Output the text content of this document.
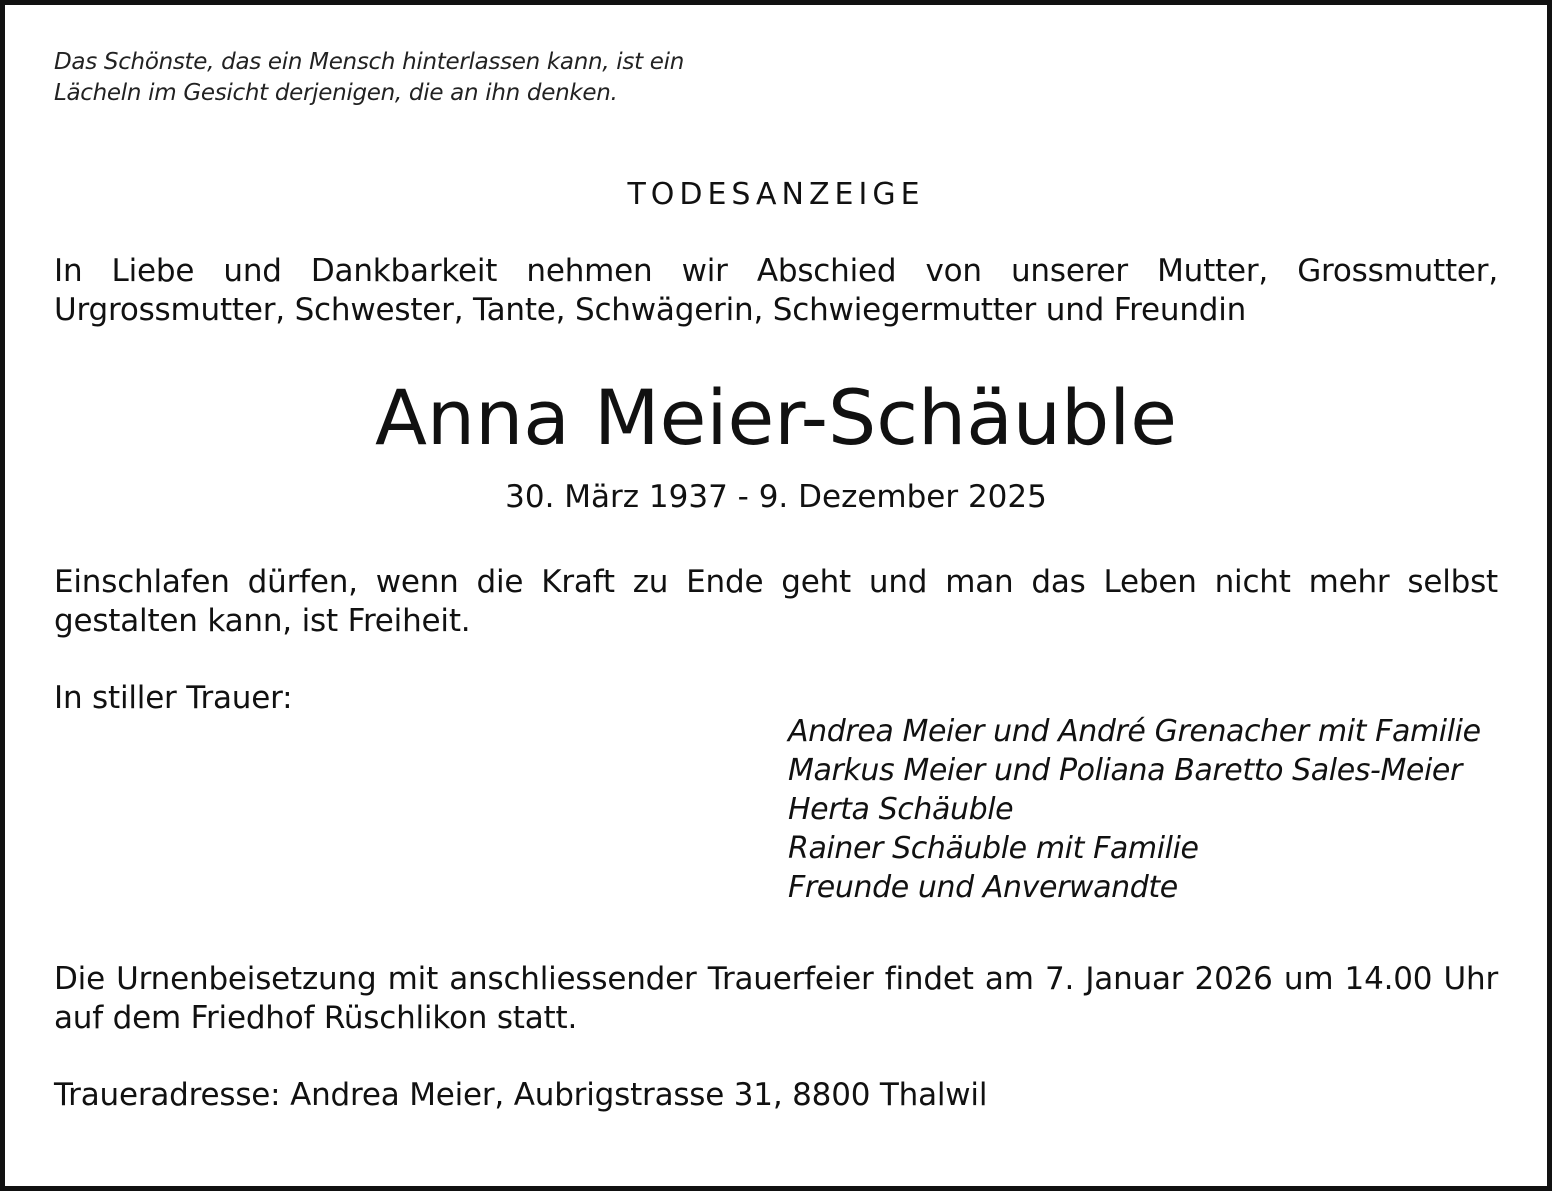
Das Schönste, das ein Mensch hinterlassen kann, ist ein
Lächeln im Gesicht derjenigen, die an ihn denken.
TODESANZEIGE

In Liebe und Dankbarkeit nehmen wir Abschied von unserer Mutter, Grossmutter, Urgrossmutter, Schwester, Tante, Schwägerin, Schwiegermutter und Freundin

Anna Meier-Schäuble
30. März 1937 - 9. Dezember 2025

Einschlafen dürfen, wenn die Kraft zu Ende geht und man das Leben nicht mehr selbst gestalten kann, ist Freiheit.

In stiller Trauer:
Andrea Meier und André Grenacher mit Familie
Markus Meier und Poliana Baretto Sales-Meier
Herta Schäuble
Rainer Schäuble mit Familie
Freunde und Anverwandte

Die Urnenbeisetzung mit anschliessender Trauerfeier findet am 7. Januar 2026 um 14.00 Uhr auf dem Friedhof Rüschlikon statt.

Traueradresse: Andrea Meier, Aubrigstrasse 31, 8800 Thalwil
